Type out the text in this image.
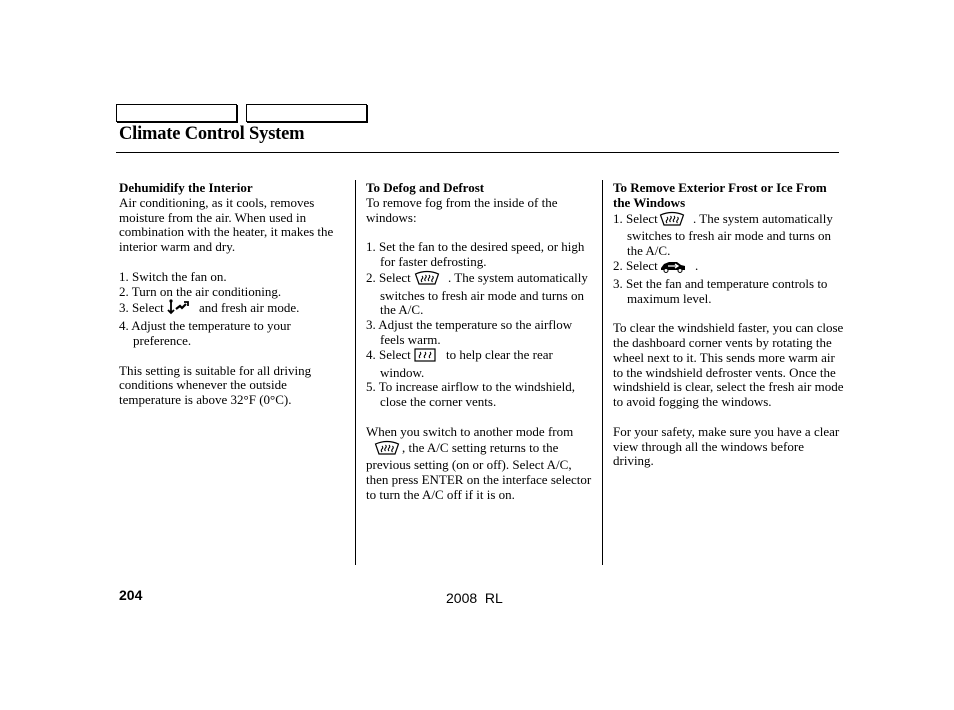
Climate Control System
Dehumidify the Interior

Air conditioning, as it cools, removes moisture from the air. When used in combination with the heater, it makes the interior warm and dry.

1. Switch the fan on.
2. Turn on the air conditioning.
3. Select	and fresh air mode.
4. Adjust the temperature to your preference.

This setting is suitable for all driving conditions whenever the outside temperature is above 32°F (0°C).

To Defog and Defrost

To remove fog from the inside of the windows:

1. Set the fan to the desired speed, or high for faster defrosting.
2. Select	. The system automatically switches to fresh air mode and turns on the A/C.
3. Adjust the temperature so the airflow feels warm.
4. Select	to help clear the rear window.
5. To increase airflow to the windshield, close the corner vents.

When you switch to another mode from , the A/C setting returns to the previous setting (on or off). Select A/C, then press ENTER on the interface selector to turn the A/C off if it is on.

To Remove Exterior Frost or Ice From the Windows
1. Select	. The system automatically switches to fresh air mode and turns on the A/C.
2. Select	.
3. Set the fan and temperature controls to maximum level.

To clear the windshield faster, you can close the dashboard corner vents by rotating the wheel next to it. This sends more warm air to the windshield defroster vents. Once the windshield is clear, select the fresh air mode to avoid fogging the windows.

For your safety, make sure you have a clear view through all the windows before driving.

204	2008  RL
